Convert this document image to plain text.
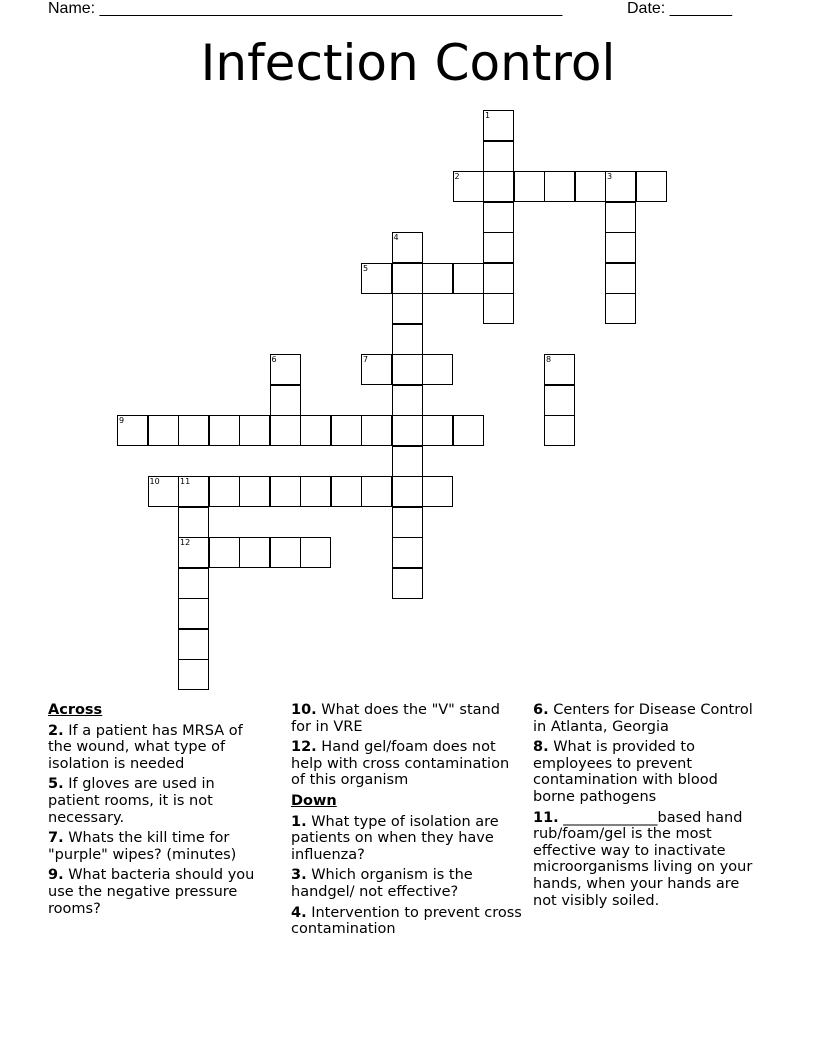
Name: ____________________________________________________	Date: _______
Infection Control
1
2	3
4
5
6	7	8
9
10	11
12
Across
2. If a patient has MRSA of the wound, what type of isolation is needed
5. If gloves are used in patient rooms, it is not necessary.
7. Whats the kill time for "purple" wipes? (minutes)
9. What bacteria should you use the negative pressure rooms?
10. What does the "V" stand for in VRE
12. Hand gel/foam does not help with cross contamination of this organism
Down
1. What type of isolation are patients on when they have influenza?
3. Which organism is the handgel/ not effective?
4. Intervention to prevent cross contamination
6. Centers for Disease Control in Atlanta, Georgia
8. What is provided to employees to prevent contamination with blood borne pathogens
11. _____________based hand rub/foam/gel is the most effective way to inactivate microorganisms living on your hands, when your hands are not visibly soiled.
